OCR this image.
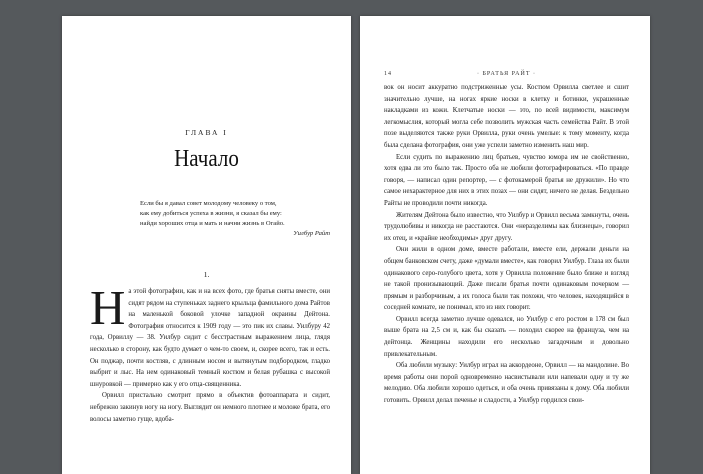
ГЛАВА I
Начало
Если бы я давал совет молодому человеку о том,
как ему добиться успеха в жизни, я сказал бы ему:
найди хороших отца и мать и начни жизнь в Огайо.
Уилбур Райт
1.

На этой фотографии, как и на всех фото, где братья сняты вместе, они сидят рядом на ступеньках заднего крыльца фамильного дома Райтов на маленькой боковой улочке западной окраины Дейтона. Фотография относится к 1909 году — это пик их славы. Уилбуру 42 года, Орвиллу — 38. Уилбур сидит с бесстрастным выражением лица, глядя несколько в сторону, как будто думает о чем-то своем, и, скорее всего, так и есть. Он поджар, почти костляв, с длинным носом и вытянутым подбородком, гладко выбрит и лыс. На нем одинаковый темный костюм и белая рубашка с высокой шнуровкой — примерно как у его отца-священника.

Орвилл пристально смотрит прямо в объектив фотоаппарата и сидит, небрежно закинув ногу на ногу. Выглядит он немного плотнее и моложе брата, его волосы заметно гуще, вдоба-

14	· БРАТЬЯ РАЙТ ·

вок он носит аккуратно подстриженные усы. Костюм Орвилла светлее и сшит значительно лучше, на ногах яркие носки в клетку и ботинки, украшенные накладками из кожи. Клетчатые носки — это, по всей видимости, максимум легкомыслия, который могла себе позволить мужская часть семейства Райт. В этой позе выделяются также руки Орвилла, руки очень умелые: к тому моменту, когда была сделана фотография, они уже успели заметно изменить наш мир.

Если судить по выражению лиц братьев, чувство юмора им не свойственно, хотя едва ли это было так. Просто оба не любили фотографироваться. «По правде говоря, — написал один репортер, — с фотокамерой братья не дружили». Но что самое нехарактерное для них в этих позах — они сидят, ничего не делая. Бездельно Райты не проводили почти никогда.

Жителям Дейтона было известно, что Уилбур и Орвилл весьма замкнуты, очень трудолюбивы и никогда не расстаются. Они «неразделимы как близнецы», говорил их отец, и «крайне необходимы» друг другу.

Они жили в одном доме, вместе работали, вместе ели, держали деньги на общем банковском счету, даже «думали вместе», как говорил Уилбур. Глаза их были одинакового серо-голубого цвета, хотя у Орвилла положение было ближе и взгляд не такой пронизывающий. Даже писали братья почти одинаковым почерком — прямым и разборчивым, а их голоса были так похожи, что человек, находящийся в соседней комнате, не понимал, кто из них говорит.

Орвилл всегда заметно лучше одевался, но Уилбур с его ростом в 178 см был выше брата на 2,5 см и, как бы сказать — походил скорее на француза, чем на дейтонца. Женщины находили его несколько загадочным и довольно привлекательным.

Оба любили музыку: Уилбур играл на аккордеоне, Орвилл — на мандолине. Во время работы они порой одновременно насвистывали или напевали одну и ту же мелодию. Оба любили хорошо одеться, и оба очень привязаны к дому. Оба любили готовить. Орвилл делал печенье и сладости, а Уилбур гордился свои-
